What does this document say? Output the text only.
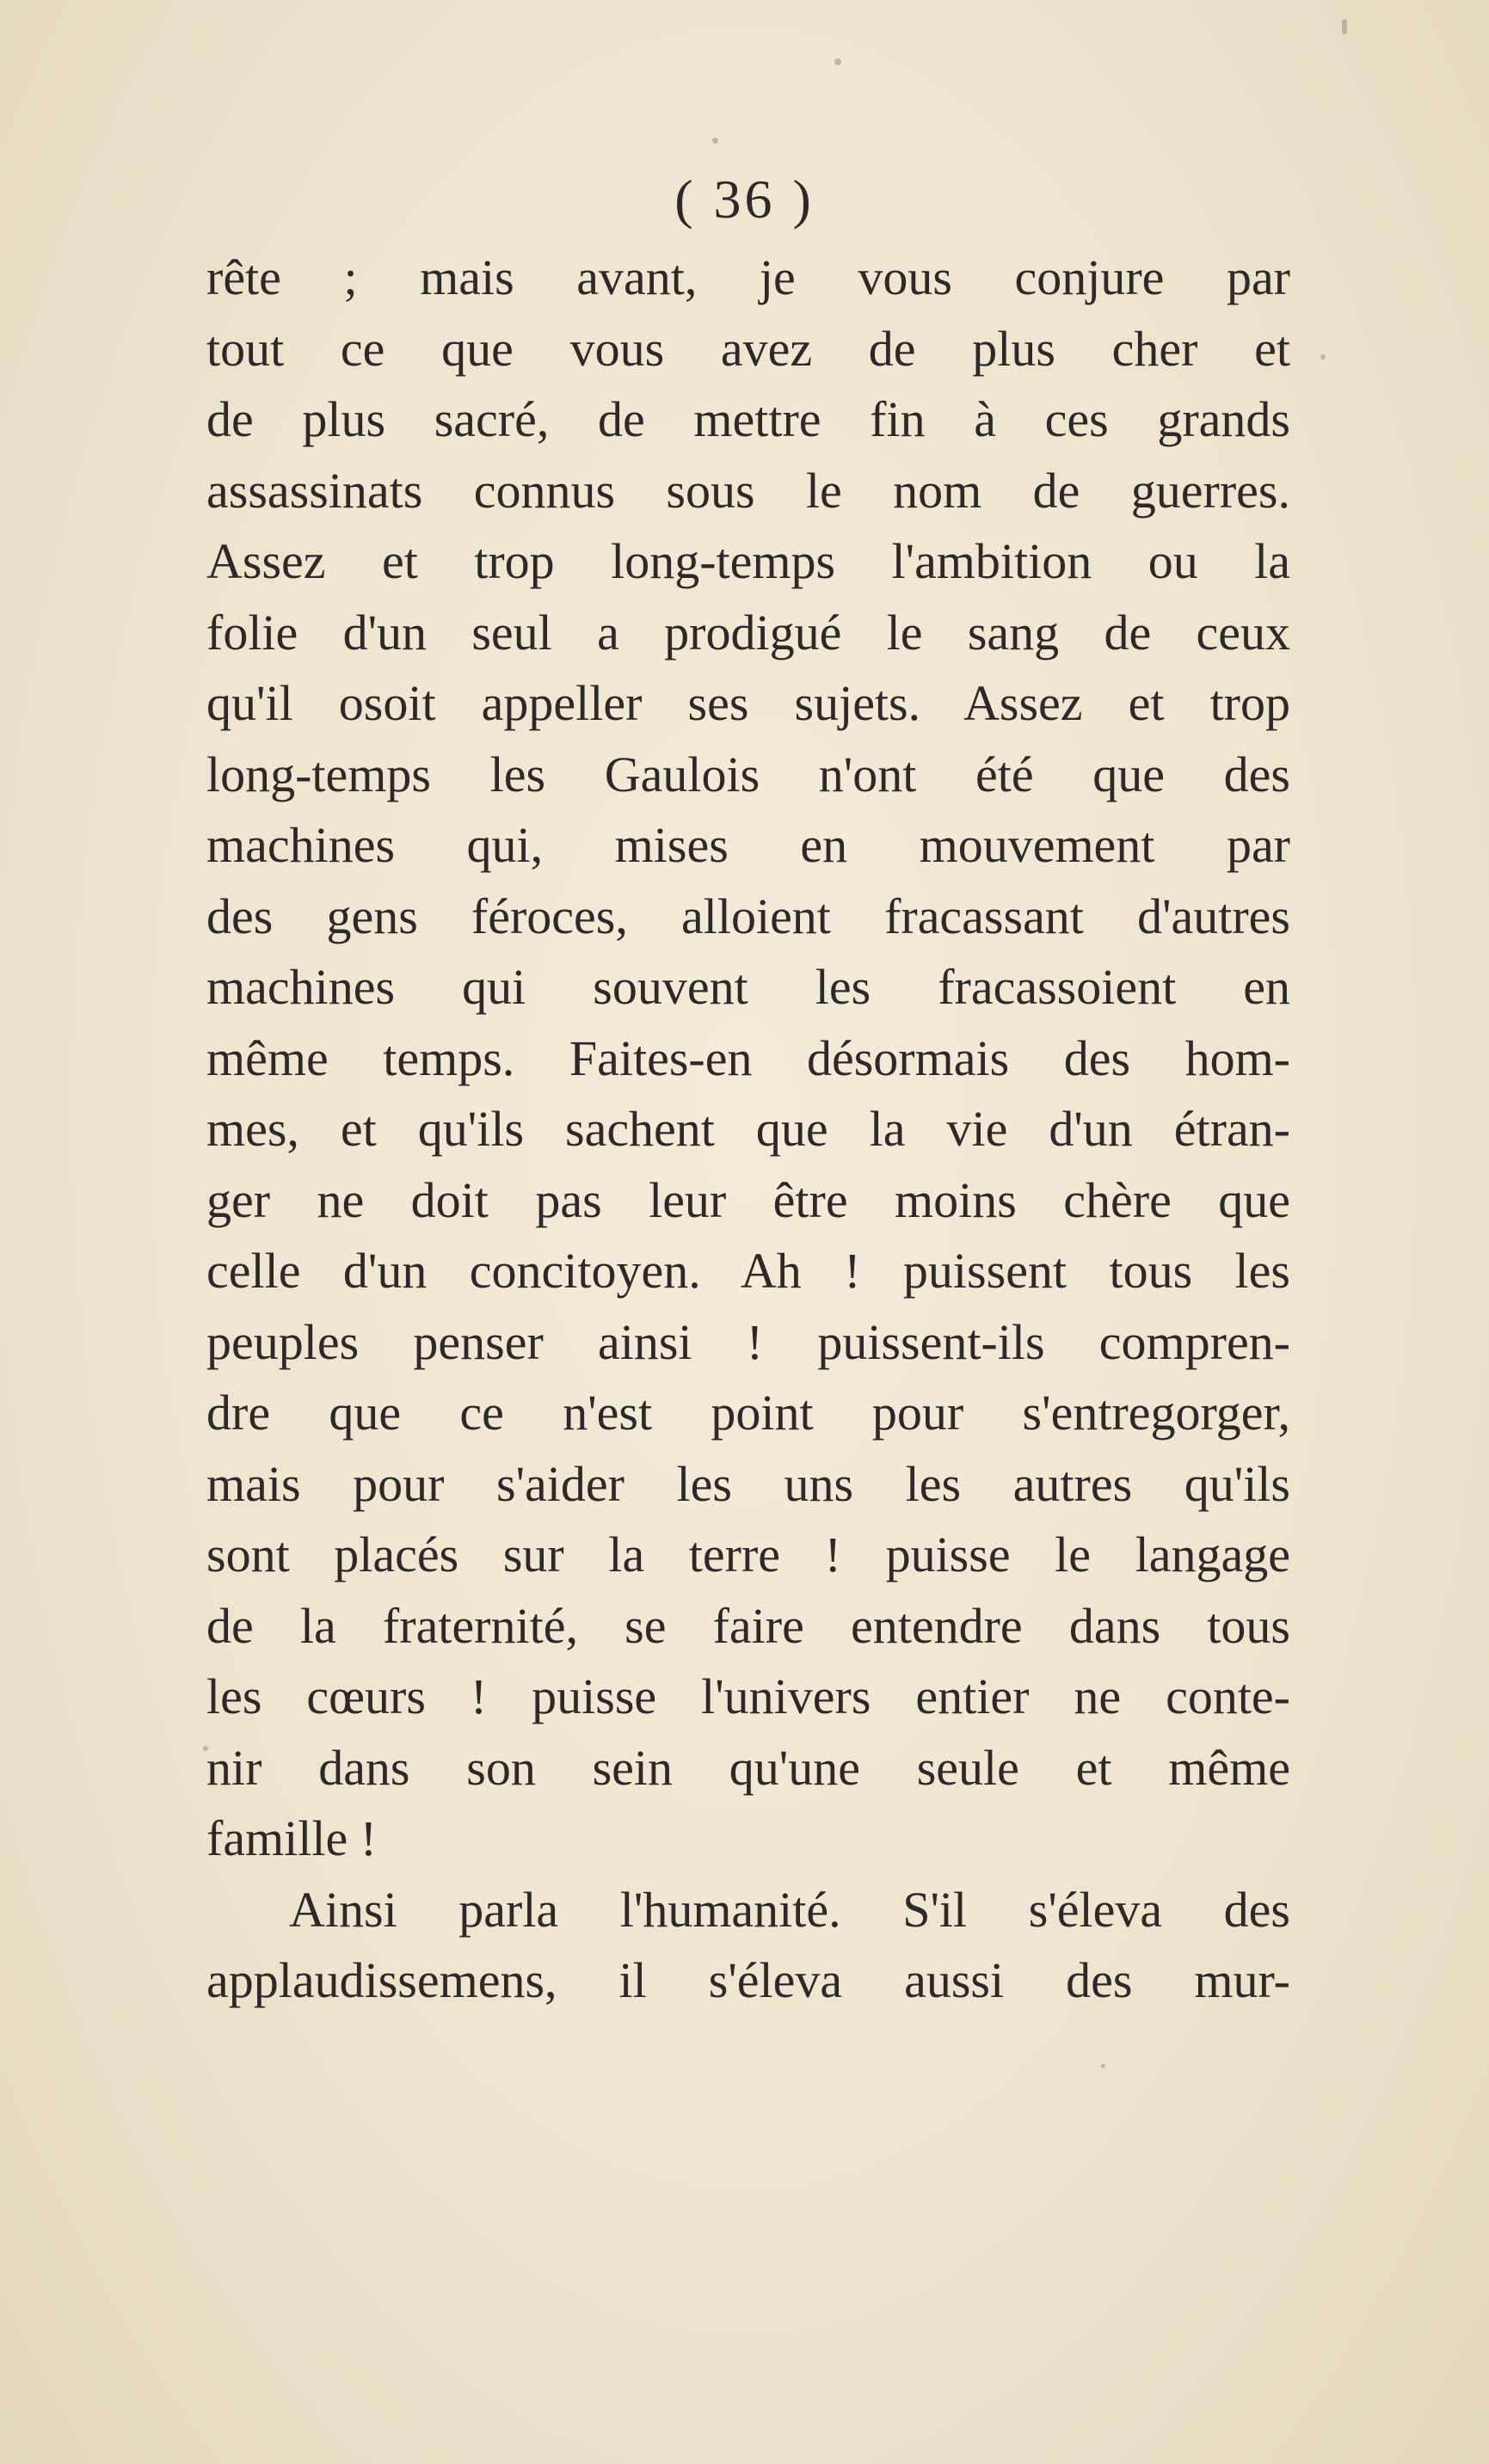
( 36 )
rête ; mais avant, je vous conjure par
tout ce que vous avez de plus cher et
de plus sacré, de mettre fin à ces grands
assassinats connus sous le nom de guerres.
Assez et trop long-temps l'ambition ou la
folie d'un seul a prodigué le sang de ceux
qu'il osoit appeller ses sujets. Assez et trop
long-temps les Gaulois n'ont été que des
machines qui, mises en mouvement par
des gens féroces, alloient fracassant d'autres
machines qui souvent les fracassoient en
même temps. Faites-en désormais des hom-
mes, et qu'ils sachent que la vie d'un étran-
ger ne doit pas leur être moins chère que
celle d'un concitoyen. Ah ! puissent tous les
peuples penser ainsi ! puissent-ils compren-
dre que ce n'est point pour s'entregorger,
mais pour s'aider les uns les autres qu'ils
sont placés sur la terre ! puisse le langage
de la fraternité, se faire entendre dans tous
les cœurs ! puisse l'univers entier ne conte-
nir dans son sein qu'une seule et même
famille !
Ainsi parla l'humanité. S'il s'éleva des
applaudissemens, il s'éleva aussi des mur-
